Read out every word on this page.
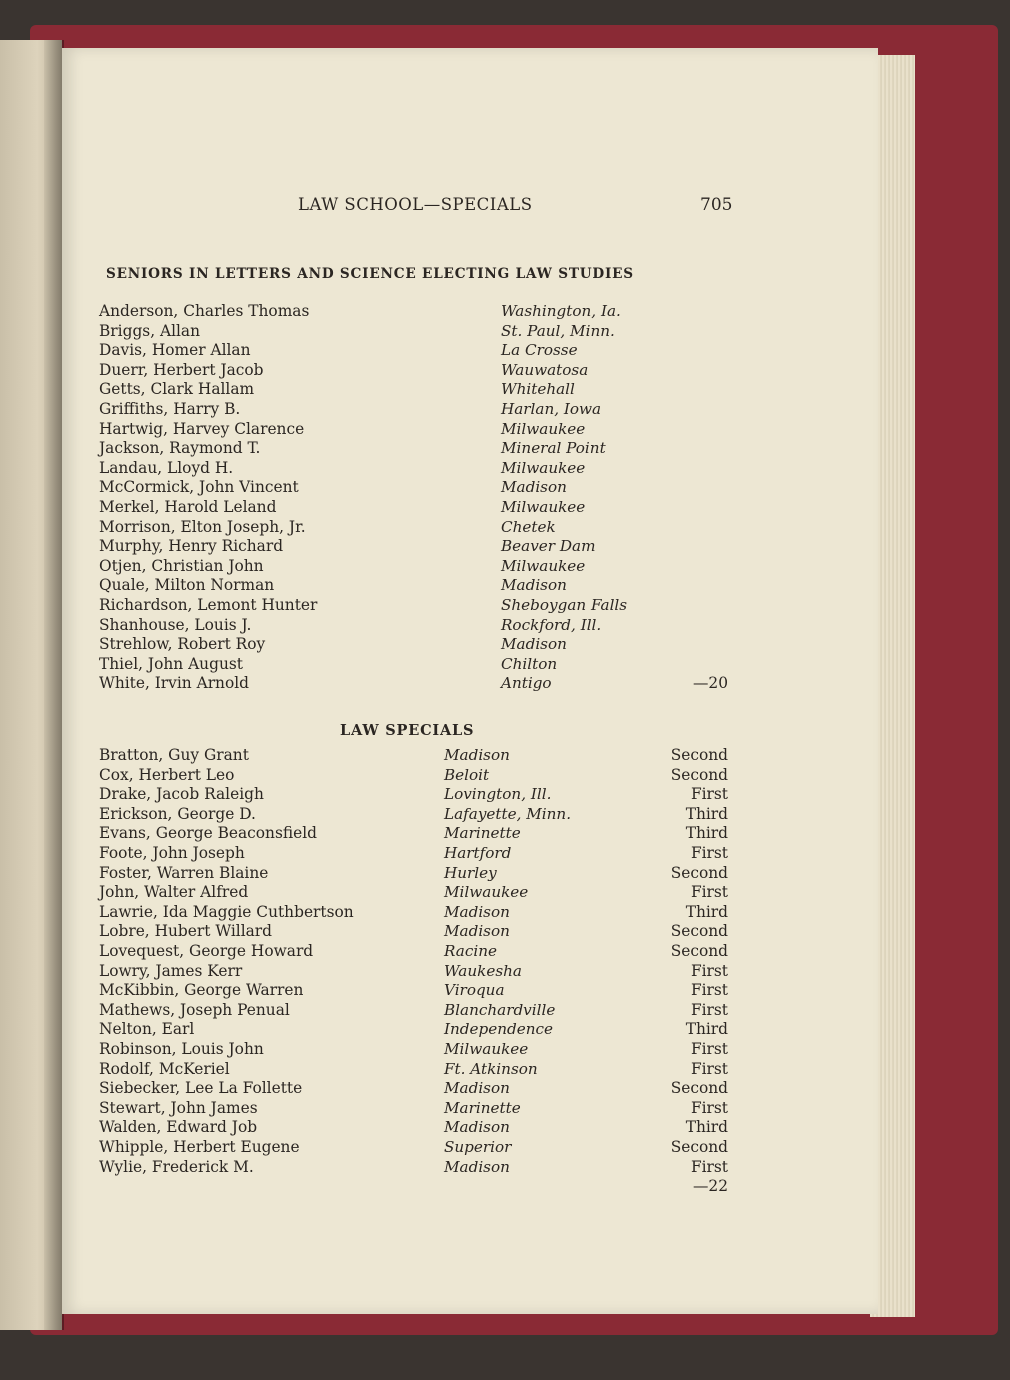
LAW SCHOOL—SPECIALS	705
SENIORS IN LETTERS AND SCIENCE ELECTING LAW STUDIES
Anderson, Charles Thomas	Washington, Ia.
Briggs, Allan	St. Paul, Minn.
Davis, Homer Allan	La Crosse
Duerr, Herbert Jacob	Wauwatosa
Getts, Clark Hallam	Whitehall
Griffiths, Harry B.	Harlan, Iowa
Hartwig, Harvey Clarence	Milwaukee
Jackson, Raymond T.	Mineral Point
Landau, Lloyd H.	Milwaukee
McCormick, John Vincent	Madison
Merkel, Harold Leland	Milwaukee
Morrison, Elton Joseph, Jr.	Chetek
Murphy, Henry Richard	Beaver Dam
Otjen, Christian John	Milwaukee
Quale, Milton Norman	Madison
Richardson, Lemont Hunter	Sheboygan Falls
Shanhouse, Louis J.	Rockford, Ill.
Strehlow, Robert Roy	Madison
Thiel, John August	Chilton
White, Irvin Arnold	Antigo	—20
LAW SPECIALS
Bratton, Guy Grant	Madison	Second
Cox, Herbert Leo	Beloit	Second
Drake, Jacob Raleigh	Lovington, Ill.	First
Erickson, George D.	Lafayette, Minn.	Third
Evans, George Beaconsfield	Marinette	Third
Foote, John Joseph	Hartford	First
Foster, Warren Blaine	Hurley	Second
John, Walter Alfred	Milwaukee	First
Lawrie, Ida Maggie Cuthbertson	Madison	Third
Lobre, Hubert Willard	Madison	Second
Lovequest, George Howard	Racine	Second
Lowry, James Kerr	Waukesha	First
McKibbin, George Warren	Viroqua	First
Mathews, Joseph Penual	Blanchardville	First
Nelton, Earl	Independence	Third
Robinson, Louis John	Milwaukee	First
Rodolf, McKeriel	Ft. Atkinson	First
Siebecker, Lee La Follette	Madison	Second
Stewart, John James	Marinette	First
Walden, Edward Job	Madison	Third
Whipple, Herbert Eugene	Superior	Second
Wylie, Frederick M.	Madison	First
—22
